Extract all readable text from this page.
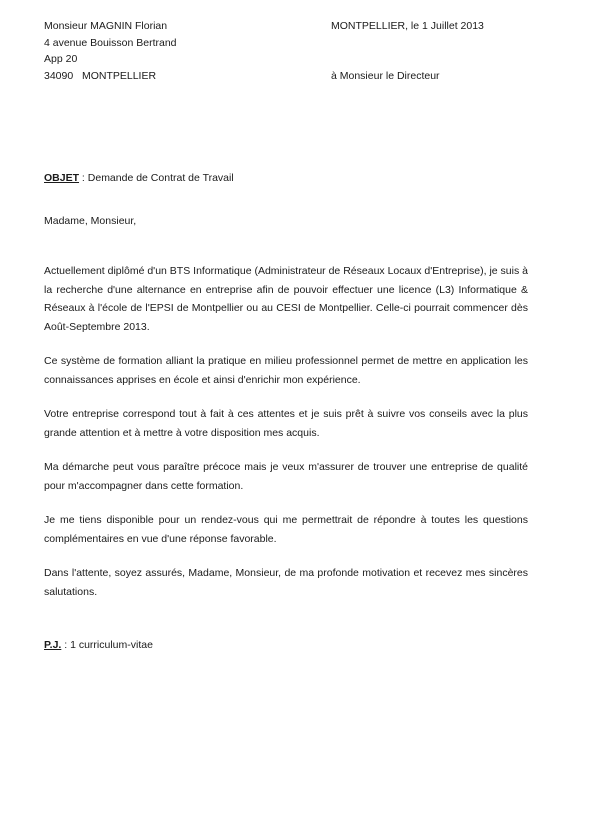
Monsieur MAGNIN Florian
4 avenue Bouisson Bertrand
App 20
34090   MONTPELLIER
MONTPELLIER, le 1 Juillet 2013
à Monsieur le Directeur
OBJET : Demande de Contrat de Travail
Madame, Monsieur,

Actuellement diplômé d'un BTS Informatique (Administrateur de Réseaux Locaux d'Entreprise), je suis à la recherche d'une alternance en entreprise afin de pouvoir effectuer une licence (L3) Informatique & Réseaux à l'école de l'EPSI de Montpellier ou au CESI de Montpellier. Celle-ci pourrait commencer dès Août-Septembre 2013.

Ce système de formation alliant la pratique en milieu professionnel permet de mettre en application les connaissances apprises en école et ainsi d'enrichir mon expérience.

Votre entreprise correspond tout à fait à ces attentes et je suis prêt à suivre vos conseils avec la plus grande attention et à mettre à votre disposition mes acquis.

Ma démarche peut vous paraître précoce mais je veux m'assurer de trouver une entreprise de qualité pour m'accompagner dans cette formation.

Je me tiens disponible pour un rendez-vous qui me permettrait de répondre à toutes les questions complémentaires en vue d'une réponse favorable.

Dans l'attente, soyez assurés, Madame, Monsieur, de ma profonde motivation et recevez mes sincères salutations.

P.J. : 1 curriculum-vitae
